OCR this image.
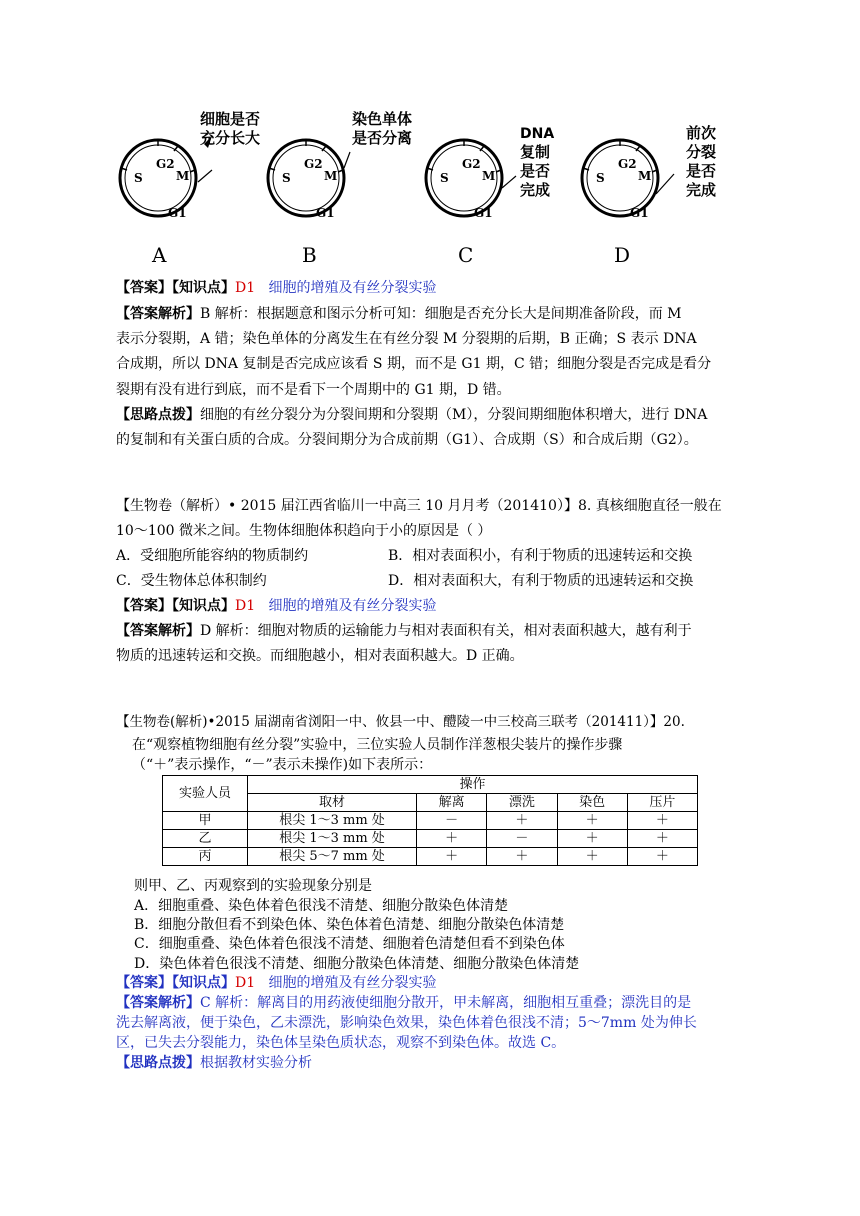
G2
S	M
G1
细胞是否
充分长大
A
G2
S	M
G1
染色单体
是否分离
B
G2
S	M
G1
DNA
复制
是否
完成
C
G2
S	M
G1
前次
分裂
是否
完成
D
【答案】【知识点】D1 细胞的增殖及有丝分裂实验
【答案解析】B 解析：根据题意和图示分析可知：细胞是否充分长大是间期准备阶段，而 M
表示分裂期，A 错；染色单体的分离发生在有丝分裂 M 分裂期的后期，B 正确；S 表示 DNA
合成期，所以 DNA 复制是否完成应该看 S 期，而不是 G1 期，C 错；细胞分裂是否完成是看分
裂期有没有进行到底，而不是看下一个周期中的 G1 期，D 错。
【思路点拨】细胞的有丝分裂分为分裂间期和分裂期（M），分裂间期细胞体积增大，进行 DNA
的复制和有关蛋白质的合成。分裂间期分为合成前期（G1）、合成期（S）和合成后期（G2）。
【生物卷（解析）• 2015 届江西省临川一中高三 10 月月考（201410）】8. 真核细胞直径一般在
10～100 微米之间。生物体细胞体积趋向于小的原因是（ ）
A．受细胞所能容纳的物质制约	B．相对表面积小，有利于物质的迅速转运和交换
C．受生物体总体积制约	D．相对表面积大，有利于物质的迅速转运和交换
【答案】【知识点】D1 细胞的增殖及有丝分裂实验
【答案解析】D 解析：细胞对物质的运输能力与相对表面积有关，相对表面积越大，越有利于
物质的迅速转运和交换。而细胞越小，相对表面积越大。D 正确。
【生物卷(解析)•2015 届湖南省浏阳一中、攸县一中、醴陵一中三校高三联考（201411）】20.
在“观察植物细胞有丝分裂”实验中，三位实验人员制作洋葱根尖装片的操作步骤
（“＋”表示操作，“－”表示未操作)如下表所示：
实验人员	操作				
	取材	解离	漂洗	染色	压片
甲	根尖 1～3 mm 处	－	＋	＋	＋
乙	根尖 1～3 mm 处	＋	－	＋	＋
丙	根尖 5～7 mm 处	＋	＋	＋	＋
则甲、乙、丙观察到的实验现象分别是
A．细胞重叠、染色体着色很浅不清楚、细胞分散染色体清楚
B．细胞分散但看不到染色体、染色体着色清楚、细胞分散染色体清楚
C．细胞重叠、染色体着色很浅不清楚、细胞着色清楚但看不到染色体
D．染色体着色很浅不清楚、细胞分散染色体清楚、细胞分散染色体清楚
【答案】【知识点】D1 细胞的增殖及有丝分裂实验
【答案解析】C 解析：解离目的用药液使细胞分散开，甲未解离，细胞相互重叠；漂洗目的是
洗去解离液，便于染色，乙未漂洗，影响染色效果，染色体着色很浅不清；5～7mm 处为伸长
区，已失去分裂能力，染色体呈染色质状态，观察不到染色体。故选 C。
【思路点拨】根据教材实验分析
